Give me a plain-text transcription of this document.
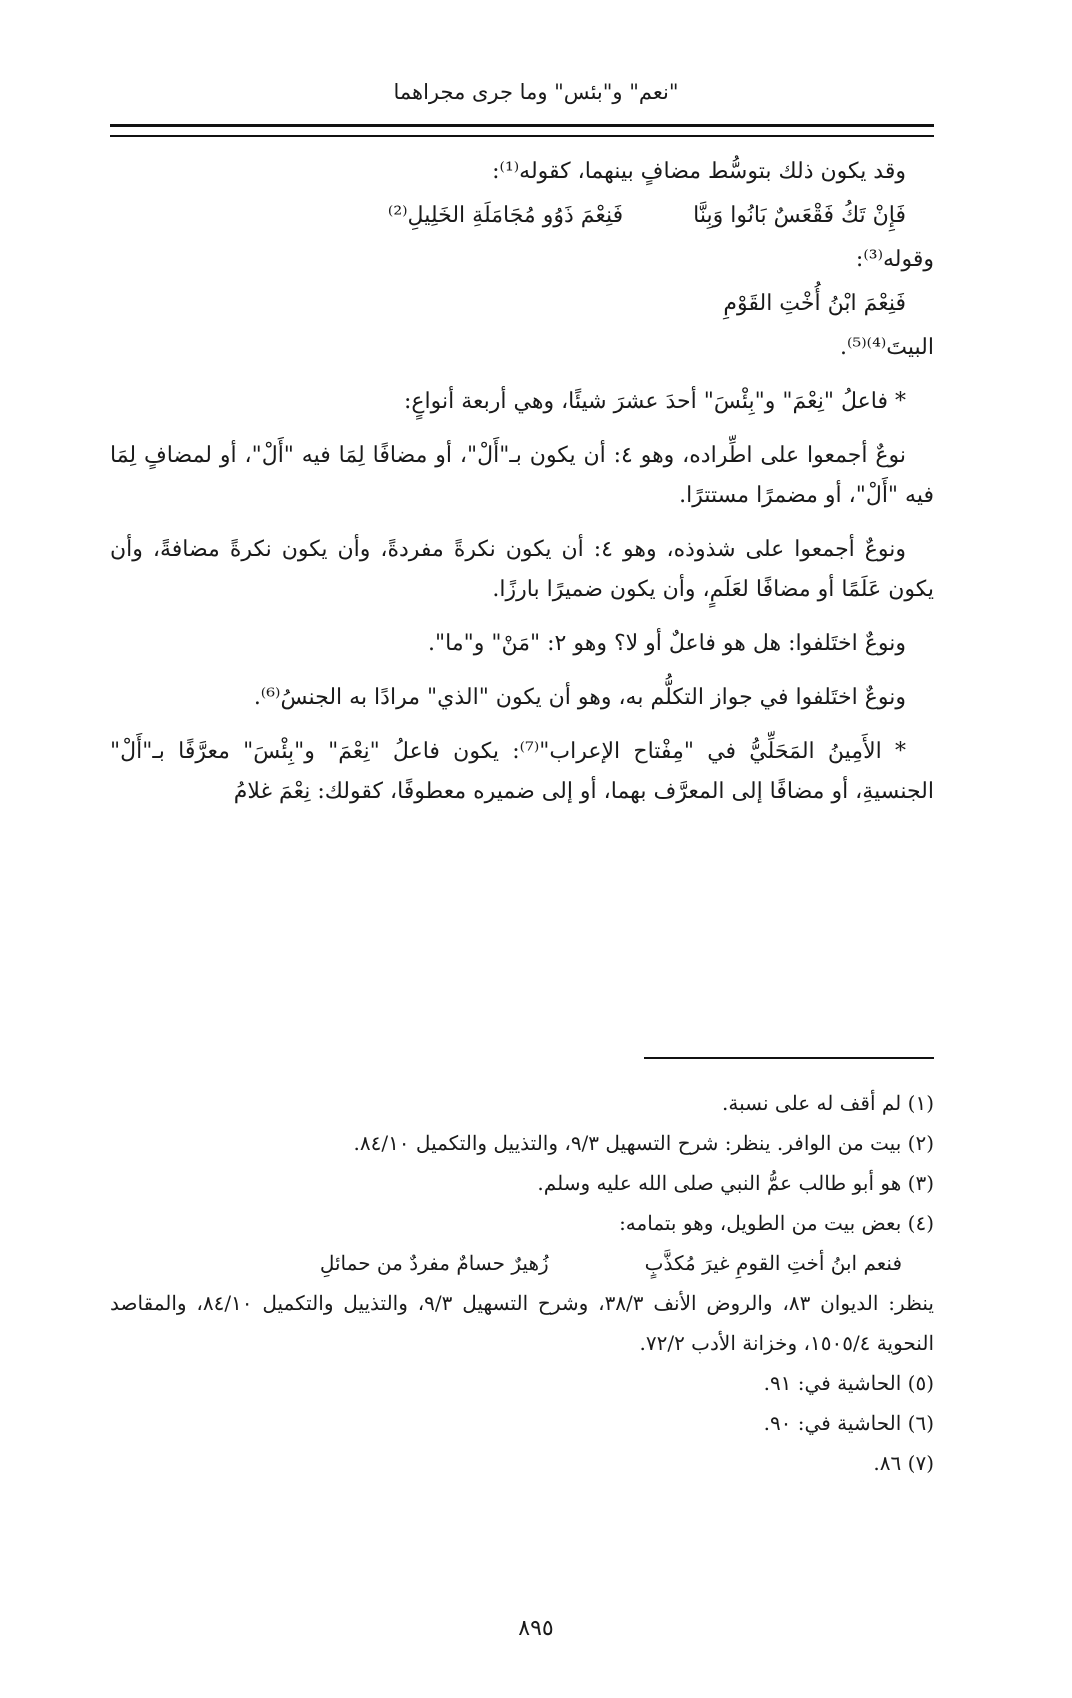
"نعم" و"بئس" وما جرى مجراهما

وقد يكون ذلك بتوسُّط مضافٍ بينهما، كقوله⁽¹⁾:

فَإِنْ تَكُ فَقْعَسٌ بَانُوا وَبِنَّا
فَنِعْمَ ذَوُو مُجَامَلَةِ الخَلِيلِ⁽²⁾

وقوله⁽³⁾:

فَنِعْمَ ابْنُ أُخْتِ القَوْمِ

البيتَ⁽⁴⁾⁽⁵⁾.

* فاعلُ "نِعْمَ" و"بِئْسَ" أحدَ عشرَ شيئًا، وهي أربعة أنواعٍ:

نوعٌ أجمعوا على اطِّراده، وهو ٤: أن يكون بـ"أَلْ"، أو مضافًا لِمَا فيه "أَلْ"، أو لمضافٍ لِمَا فيه "أَلْ"، أو مضمرًا مستترًا.

ونوعٌ أجمعوا على شذوذه، وهو ٤: أن يكون نكرةً مفردةً، وأن يكون نكرةً مضافةً، وأن يكون عَلَمًا أو مضافًا لعَلَمٍ، وأن يكون ضميرًا بارزًا.

ونوعٌ اختَلفوا: هل هو فاعلٌ أو لا؟ وهو ٢: "مَنْ" و"ما".

ونوعٌ اختَلفوا في جواز التكلُّم به، وهو أن يكون "الذي" مرادًا به الجنسُ⁽⁶⁾.

* الأَمِينُ المَحَلِّيُّ في "مِفْتاح الإعراب"⁽⁷⁾: يكون فاعلُ "نِعْمَ" و"بِئْسَ" معرَّفًا بـ"أَلْ" الجنسيةِ، أو مضافًا إلى المعرَّف بهما، أو إلى ضميره معطوفًا، كقولك: نِعْمَ غلامُ

(١) لم أقف له على نسبة.

(٢) بيت من الوافر. ينظر: شرح التسهيل ٩/٣، والتذييل والتكميل ٨٤/١٠.

(٣) هو أبو طالب عمُّ النبي صلى الله عليه وسلم.

(٤) بعض بيت من الطويل، وهو بتمامه:

فنعم ابنُ أختِ القومِ غيرَ مُكذَّبٍ
زُهيرٌ حسامٌ مفردٌ من حمائلِ

ينظر: الديوان ٨٣، والروض الأنف ٣٨/٣، وشرح التسهيل ٩/٣، والتذييل والتكميل ٨٤/١٠، والمقاصد النحوية ١٥٠٥/٤، وخزانة الأدب ٧٢/٢.

(٥) الحاشية في: ٩١.

(٦) الحاشية في: ٩٠.

(٧) ٨٦.

٨٩٥
